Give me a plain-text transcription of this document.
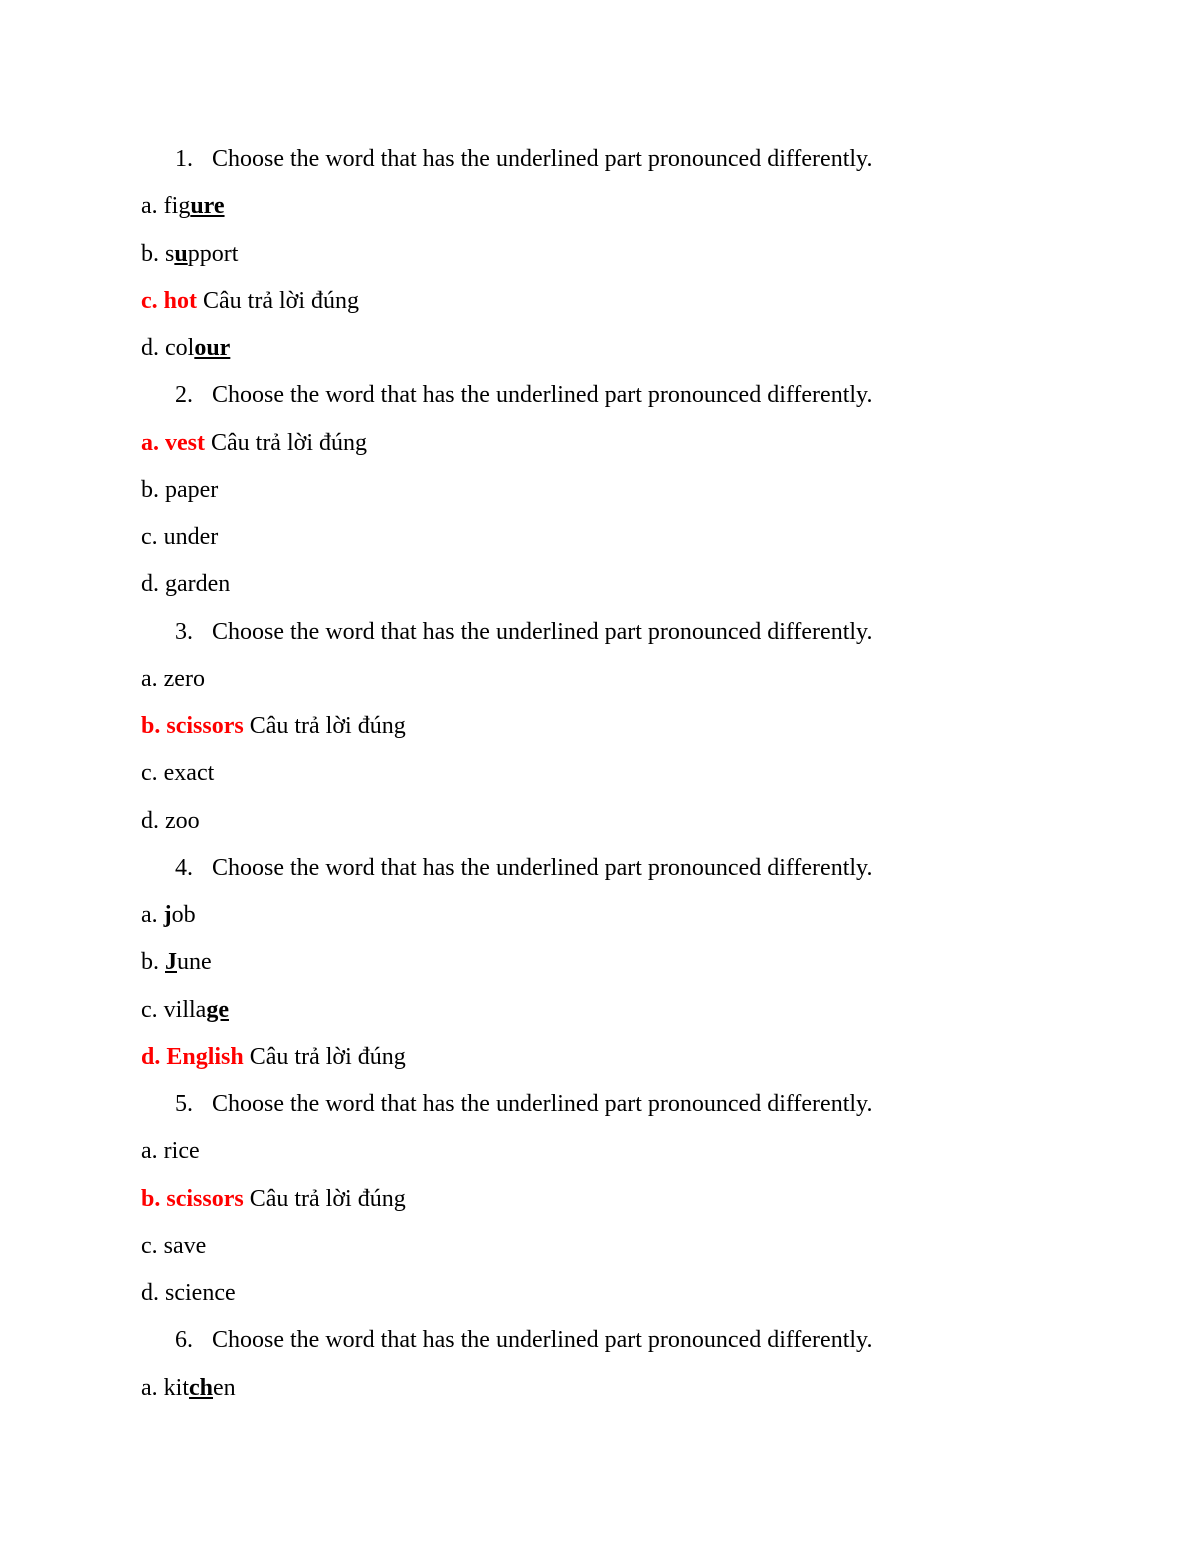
1. Choose the word that has the underlined part pronounced differently.
a. figure
b. support
c. hot Câu trả lời đúng
d. colour
2. Choose the word that has the underlined part pronounced differently.
a. vest Câu trả lời đúng
b. paper
c. under
d. garden
3. Choose the word that has the underlined part pronounced differently.
a. zero
b. scissors Câu trả lời đúng
c. exact
d. zoo
4. Choose the word that has the underlined part pronounced differently.
a. job
b. June
c. village
d. English Câu trả lời đúng
5. Choose the word that has the underlined part pronounced differently.
a. rice
b. scissors Câu trả lời đúng
c. save
d. science
6. Choose the word that has the underlined part pronounced differently.
a. kitchen
